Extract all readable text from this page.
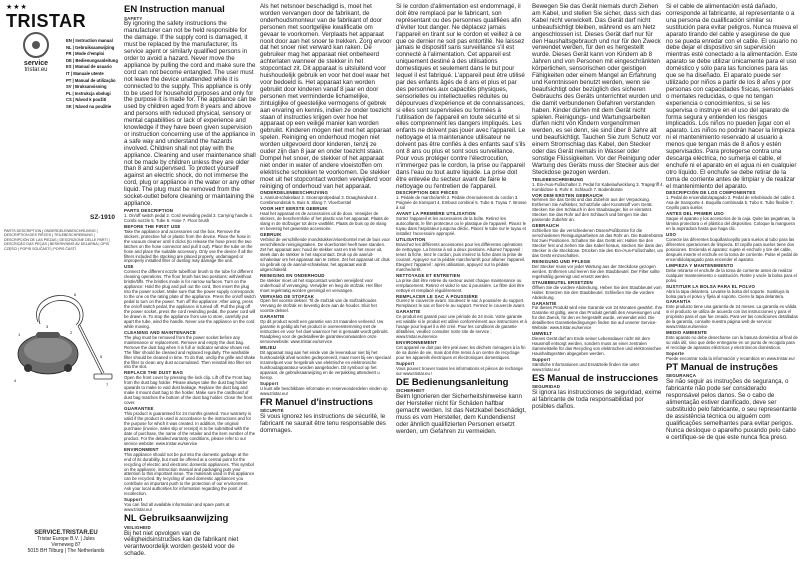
★★★
TRISTAR
service
tristar.eu
EN | Instruction manual
NL | Gebruiksaanwijzing
FR | Mode d'emploi
DE | Bedienungsanleitung
ES | Manual de usuario
IT | Manuale utente
PT | Manual de utilização
SV | Bruksanvisning
PL | Instrukcja obsługi
CS | Návod k použití
SK | Návod na použitie
SZ-1910
PARTS DESCRIPTION | ONDERDELENBESCHRIJVING | DESCRIPTION DES PIÈCES | TEILEBESCHREIBUNG | DESCRIPCIÓN DE LAS PIEZAS | DESCRIZIONE DELLE PARTI | DESCRIÇÃO DAS PEÇAS | BESKRIVNING AV DELARNA | OPIS CZĘŚCI | POPIS SOUČÁSTÍ | POPIS ČASTÍ
1	2
3
4
5
6
7
SERVICE.TRISTAR.EU
Tristar Europe B.V. | Jules Verneweg 87
5015 BH Tilburg | The Netherlands
EN Instruction manual
SAFETY

By ignoring the safety instructions the manufacturer can not be held responsible for the damage. If the supply cord is damaged, it must be replaced by the manufacturer, its service agent or similarly qualified persons in order to avoid a hazard. Never move the appliance by pulling the cord and make sure the cord can not become entangled. The user must not leave the device unattended while it is connected to the supply. This appliance is only to be used for household purposes and only for the purpose it is made for. The appliance can be used by children aged from 8 years and above and persons with reduced physical, sensory or mental capabilities or lack of experience and knowledge if they have been given supervision or instruction concerning use of the appliance in a safe way and understand the hazards involved. Children shall not play with the appliance. Cleaning and user maintenance shall not be made by children unless they are older than 8 and supervised. To protect yourself against an electric shock, do not immerse the cord, plug or appliance in the water or any other liquid. The plug must be removed from the socket-outlet before cleaning or maintaining the appliance.

PARTS DESCRIPTION

1. On/off switch pedal 2. Cord rewinding pedal 3. Carrying handle 4. Combi nozzle 5. Tube 6. Hose 7. Floor brush

BEFORE THE FIRST USE

Take the appliance and accessories out the box. Remove the stickers, protective foil or plastic from the device. Place the hose in the vacuum cleaner until it clicks (to release the hose press the two latches on the hose connector and pull it out). Place the tube on the hose and place the suitable accessory. Only use the device if all the filters included the stacking are placed properly, undamaged or improperly installed filter or dusting may damage the unit.

USE

Connect the different nozzle tube/floor brush to the tube for different cleaning operations. The floor brush has two positions: with/without bristle/tiffs. The bristles mode is for narrow surfaces. Turn on the appliance: Hold the plug and pull out the cord, then insert the plug into the power socket. Make sure that the power supply corresponds to the one on the rating plate of the appliance. Press the on/off switch pedal to turn on the power. Turn off the appliance: After using, press the on/off switch pedal, the appliance is turned off. Pull the plug off the power socket, press the cord rewinding pedal, the power cord will be drawn in. To stop the appliance from use to store, carefully put apart the tube, wind the handle. Never use the appliance on the cord while moving.

CLEANING AND MAINTENANCE

The plug must be removed from the power socket before any maintenance or replacement. Remove and empty the dust bag. Remove the dust bag when it is full or indicator window shows red. The filter should be cleaned and replaced regularly. The washable filter should be cleaned in time. To do that, unclip the grille and shake the filter to clean any dust accumulated. Then reinstall into filter set into the slot.

REPLACE THE DUST BAG

Open the front cover by pressing the lock clip. Lift off the Front bag from the dust bag holder. Please always take the dust bag holder upwards to make to void dust leakage. Replace the dust bag and make it mount dust bag to the holder. Make sure the cardboard of dust bag matches the bottom of the dust bag holder. Close the front cover.

GUARANTEE

This product is guaranteed for 24 months granted. Your warranty is valid if the product is used in accordance to the instructions and for the purpose for which it was created. In addition, the original purchase (invoice, sales slip or receipt) is to be submitted with the date of purchase, the name of the retailer and the item number of the product. For the detailed warranty conditions, please refer to our service website: www.tristar.eu/service

ENVIRONMENT

This appliance should not be put into the domestic garbage at the end of its durability, but must be offered at a central point for the recycling of electric and electronic domestic appliances. This symbol on the appliance, instruction manual and packaging puts your attention to this important issue. The materials used in this appliance can be recycled. By recycling of used domestic appliances you contribute an important push to the protection of our environment. Ask your local authorities for information regarding the point of recollection.

Support

You can find all available information and spare parts at www.tristar.eu!

NL Gebruiksaanwijzing
VEILIGHEID

Bij het niet opvolgen van de veiligheidsinstructies kan de fabrikant niet verantwoordelijk worden gesteld voor de schade.

Als het netsnoer beschadigd is, moet het worden vervangen door de fabrikant, de onderhoudsmonteur van de fabrikant of door personen met soortgelijke kwalificatie om gevaar te voorkomen. Verplaats het apparaat nooit door aan het snoer te trekken. Zorg ervoor dat het snoer niet verward kan raken. De gebruiker mag het apparaat niet onbeheerd achterlaten wanneer de stekker in het stopcontact zit. Dit apparaat is uitsluitend voor huishoudelijk gebruik en voor het doel waar het voor bedoeld is. Het apparaat kan worden gebruikt door kinderen vanaf 8 jaar en door personen met verminderde lichamelijke, zintuiglijke of geestelijke vermogens of gebrek aan ervaring en kennis, indien ze onder toezicht staan of instructies krijgen over hoe het apparaat op een veilige manier kan worden gebruikt. Kinderen mogen niet met het apparaat spelen. Reiniging en onderhoud mogen niet worden uitgevoerd door kinderen, tenzij ze ouder zijn dan 8 jaar en onder toezicht staan. Dompel het snoer, de stekker of het apparaat niet onder in water of andere vloeistoffen om elektrische schokken te voorkomen. De stekker moet uit het stopcontact worden verwijderd voor reiniging of onderhoud van het apparaat.

ONDERDELENBESCHRIJVING

1. Aan/uit-schakelaar 2. Snoeroprolpedaal 3. Draaghandvat 4. Combimondstuk 5. Buis 6. Slang 7. Vloerborstel

VOOR HET EERSTE GEBRUIK

Haal het apparaat en de accessoires uit de doos. Verwijder de stickers, de beschermfolie of het plastic van het apparaat. Plaats de slang in de stofzuiger tot deze vastklikt. Plaats de buis op de slang en bevestig het gewenste accessoire.

GEBRUIK

Verbind de verschillende mondstukken/vloerborstel met de buis voor verschillende reinigingstaken. De vloerborstel heeft twee standen. Zet het apparaat aan: houd de stekker vast en trek het snoer uit, steek dan de stekker in het stopcontact. Druk op de aan/uit-schakelaar om het apparaat aan te zetten. Zet het apparaat uit: druk na gebruik op de aan/uit-schakelaar, het apparaat wordt uitgeschakeld.

REINIGING EN ONDERHOUD

De stekker moet uit het stopcontact worden verwijderd voor onderhoud of vervanging. Verwijder en leeg de stofzak. Het filter moet regelmatig worden gereinigd en vervangen.

VERVANG DE STOFZAK

Open het voorste deksel. Til de stofzak van de stofzakhouder. Vervang de stofzak en bevestig deze aan de houder. Sluit het voorste deksel.

GARANTIE

Op dit product wordt een garantie van 24 maanden verleend. Uw garantie is geldig als het product in overeenstemming met de instructies en voor het doel waarvoor het is gemaakt wordt gebruikt. Raadpleeg voor de gedetailleerde garantievoorwaarden onze servicewebsite: www.tristar.eu/service

MILIEU

Dit apparaat mag aan het einde van de levensduur niet bij het huishoudelijk afval worden gedeponeerd, maar moet bij een speciaal inzamelpunt voor hergebruik van elektrische en elektronische huishoudapparatuur worden aangeboden. Dit symbool op het apparaat, de gebruiksaanwijzing en de verpakking attendeert u hierop.

Support

U kunt alle beschikbare informatie en reserveonderdelen vinden op www.tristar.eu!

FR Manuel d'instructions
SÉCURITÉ

Si vous ignorez les instructions de sécurité, le fabricant ne saurait être tenu responsable des dommages.

Si le cordon d'alimentation est endommagé, il doit être remplacé par le fabricant, son représentant ou des personnes qualifiées afin d'éviter tout danger. Ne déplacez jamais l'appareil en tirant sur le cordon et veillez à ce que ce dernier ne soit pas entortillé. Ne laissez jamais le dispositif sans surveillance s'il est connecté à l'alimentation. Cet appareil est uniquement destiné à des utilisations domestiques et seulement dans le but pour lequel il est fabriqué. L'appareil peut être utilisé par des enfants âgés de 8 ans et plus et par des personnes aux capacités physiques, sensorielles ou intellectuelles réduites ou dépourvues d'expérience et de connaissances, si elles sont supervisées ou formées à l'utilisation de l'appareil en toute sécurité et si elles comprennent les dangers impliqués. Les enfants ne doivent pas jouer avec l'appareil. Le nettoyage et la maintenance utilisateur ne doivent pas être confiés à des enfants sauf s'ils ont 8 ans ou plus et sont sous surveillance. Pour vous protéger contre l'électrocution, n'immergez pas le cordon, la prise ou l'appareil dans l'eau ou tout autre liquide. La prise doit être enlevée du secteur avant de faire le nettoyage ou l'entretien de l'appareil.

DESCRIPTION DES PIÈCES

1. Pédale de marche/arrêt 2. Pédale d'enroulement du cordon 3. Poignée de transport 4. Embout combiné 5. Tube 6. Tuyau 7. Brosse à sol

AVANT LA PREMIÈRE UTILISATION

Sortez l'appareil et les accessoires de la boîte. Retirez les autocollants, le film protecteur ou le plastique de l'appareil. Placez le tuyau dans l'aspirateur jusqu'au déclic. Placez le tube sur le tuyau et installez l'accessoire approprié.

UTILISATION

Branchez les différents accessoires pour les différentes opérations de nettoyage. La brosse à sol a deux positions. Allumez l'appareil : tenez la fiche, tirez le cordon, puis insérez la fiche dans la prise de courant. Appuyez sur la pédale marche/arrêt pour allumer l'appareil. Éteignez l'appareil : après utilisation, appuyez sur la pédale marche/arrêt.

NETTOYAGE ET ENTRETIEN

La prise doit être retirée du secteur avant chaque maintenance ou remplacement. Retirez et videz le sac à poussière. Le filtre doit être nettoyé et remplacé régulièrement.

REMPLACER LE SAC À POUSSIÈRE

Ouvrez le couvercle avant. Soulevez le sac à poussière du support. Remplacez le sac et fixez-le au support. Fermez le couvercle avant.

GARANTIE

Ce produit est garanti pour une période de 24 mois. Votre garantie est valable si le produit est utilisé conformément aux instructions et à l'usage pour lequel il a été créé. Pour les conditions de garantie détaillées, veuillez consulter notre site de service : www.tristar.eu/service

ENVIRONNEMENT

Cet appareil ne doit pas être jeté avec les déchets ménagers à la fin de sa durée de vie, mais doit être remis à un centre de recyclage pour les appareils électriques et électroniques domestiques.

Support

Vous pouvez trouver toutes les informations et pièces de rechange sur www.tristar.eu !

DE Bedienungsanleitung
SICHERHEIT

Beim Ignorieren der Sicherheitshinweise kann der Hersteller nicht für Schäden haftbar gemacht werden. Ist das Netzkabel beschädigt, muss es vom Hersteller, dem Kundendienst oder ähnlich qualifizierten Personen ersetzt werden, um Gefahren zu vermeiden.

Bewegen Sie das Gerät niemals durch Ziehen am Kabel, und stellen Sie sicher, dass sich das Kabel nicht verwickelt. Das Gerät darf nicht unbeaufsichtigt bleiben, während es am Netz angeschlossen ist. Dieses Gerät darf nur für den Haushaltsgebrauch und nur für den Zweck verwendet werden, für den es hergestellt wurde. Dieses Gerät kann von Kindern ab 8 Jahren und von Personen mit eingeschränkten körperlichen, sensorischen oder geistigen Fähigkeiten oder einem Mangel an Erfahrung und Kenntnissen benutzt werden, wenn sie beaufsichtigt oder bezüglich des sicheren Gebrauchs des Geräts unterrichtet wurden und die damit verbundenen Gefahren verstanden haben. Kinder dürfen mit dem Gerät nicht spielen. Reinigungs- und Wartungsarbeiten dürfen nicht von Kindern vorgenommen werden, es sei denn, sie sind über 8 Jahre alt und beaufsichtigt. Tauchen Sie zum Schutz vor einem Stromschlag das Kabel, den Stecker oder das Gerät niemals in Wasser oder sonstige Flüssigkeiten. Vor der Reinigung oder Wartung des Geräts muss der Stecker aus der Steckdose gezogen werden.

TEILEBESCHREIBUNG

1. Ein-/Aus-Fußschalter 2. Pedal für Kabelaufwicklung 3. Tragegriff 4. Kombidüse 5. Rohr 6. Schlauch 7. Bodenbürste

VOR DEM ERSTEN GEBRAUCH

Nehmen Sie das Gerät und das Zubehör aus der Verpackung. Entfernen Sie Aufkleber, Schutzfolie oder Kunststoff vom Gerät. Stecken Sie den Schlauch in den Staubsauger, bis er einrastet. Stecken Sie das Rohr auf den Schlauch und bringen Sie das passende Zubehör an.

GEBRAUCH

Schließen Sie die verschiedenen Düsen/Fußbürste für die verschiedenen Reinigungsarbeiten an das Rohr an. Die Bodenbürste hat zwei Positionen. Schalten Sie das Gerät ein: Halten Sie den Stecker fest und ziehen Sie das Kabel heraus, stecken Sie dann den Stecker in die Steckdose. Drücken Sie den Ein-/Aus-Fußschalter, um das Gerät einzuschalten.

REINIGUNG UND PFLEGE

Der Stecker muss vor jeder Wartung aus der Steckdose gezogen werden. Entfernen und leeren Sie den Staubbeutel. Der Filter sollte regelmäßig gereinigt und ersetzt werden.

STAUBBEUTEL ERSETZEN

Öffnen Sie die vordere Abdeckung. Heben Sie den Staubbeutel vom Halter. Ersetzen Sie den Staubbeutel. Schließen Sie die vordere Abdeckung.

GARANTIE

Für dieses Produkt wird eine Garantie von 24 Monaten gewährt. Ihre Garantie ist gültig, wenn das Produkt gemäß den Anweisungen und für den Zweck, für den es hergestellt wurde, verwendet wird. Die detaillierten Garantiebedingungen finden Sie auf unserer Service-Website: www.tristar.eu/service

UMWELT

Dieses Gerät darf am Ende seiner Lebensdauer nicht mit dem Hausmüll entsorgt werden, sondern muss an einer zentralen Sammelstelle für das Recycling von elektrischen und elektronischen Haushaltsgeräten abgegeben werden.

Support

Sämtliche Informationen und Ersatzteile finden Sie unter www.tristar.eu!

ES Manual de instrucciones
SEGURIDAD

Si ignora las instrucciones de seguridad, exime al fabricante de toda responsabilidad por posibles daños.

Si el cable de alimentación está dañado, corresponde al fabricante, al representante o a una persona de cualificación similar su sustitución para evitar peligros. Nunca mueva el aparato tirando del cable y asegúrese de que no se pueda enredar con el cable. El usuario no debe dejar el dispositivo sin supervisión mientras esté conectado a la alimentación. Este aparato se debe utilizar únicamente para el uso doméstico y sólo para las funciones para las que se ha diseñado. El aparato puede ser utilizado por niños a partir de los 8 años y por personas con capacidades físicas, sensoriales o mentales reducidas, o que no tengan experiencia o conocimientos, si se les supervisa o instruye en el uso del aparato de forma segura y entienden los riesgos implicados. Los niños no pueden jugar con el aparato. Los niños no podrán hacer la limpieza ni el mantenimiento reservado al usuario a menos que tengan más de 8 años y estén supervisados. Para protegerse contra una descarga eléctrica, no sumerja el cable, el enchufe ni el aparato en el agua ni en cualquier otro líquido. El enchufe se debe retirar de la toma de corriente antes de limpiar y de realizar el mantenimiento del aparato.

DESCRIPCIÓN DE LOS COMPONENTES

1. Pedal de encendido/apagado 2. Pedal de rebobinado del cable 3. Asa de transporte 4. Boquilla combinada 5. Tubo 6. Tubo flexible 7. Cepillo para suelos

ANTES DEL PRIMER USO

Saque el aparato y los accesorios de la caja. Quite las pegatinas, la lámina protectora o el plástico del dispositivo. Coloque la manguera en la aspiradora hasta que haga clic.

USO

Conecte las diferentes boquillas/cepillo para suelos al tubo para las diferentes operaciones de limpieza. El cepillo para suelos tiene dos posiciones. Encienda el aparato: sujete el enchufe y tire del cable, después inserte el enchufe en la toma de corriente. Pulse el pedal de encendido/apagado para encender el aparato.

LIMPIEZA Y MANTENIMIENTO

Debe retirarse el enchufe de la toma de corriente antes de realizar cualquier mantenimiento o sustitución. Retire y vacíe la bolsa para el polvo.

SUSTITUIR LA BOLSA PARA EL POLVO

Abra la tapa delantera. Levante la bolsa del soporte. Sustituya la bolsa para el polvo y fíjela al soporte. Cierre la tapa delantera.

GARANTÍA

Este producto tiene una garantía de 24 meses. La garantía es válida si el producto se utiliza de acuerdo con las instrucciones y para el propósito para el que fue creado. Para ver las condiciones detalladas de la garantía, consulte nuestra página web de servicio: www.tristar.eu/service

MEDIO AMBIENTE

Este aparato no debe desecharse con la basura doméstica al final de su vida útil, sino que debe entregarse en un punto de recogida para el reciclaje de aparatos eléctricos y electrónicos domésticos.

Soporte

Puede encontrar toda la información y recambios en www.tristar.eu!

PT Manual de instruções
SEGURANÇA

Se não seguir as instruções de segurança, o fabricante não pode ser considerado responsável pelos danos. Se o cabo de alimentação estiver danificado, deve ser substituído pelo fabricante, o seu representante de assistência técnica ou alguém com qualificações semelhantes para evitar perigos. Nunca desloque o aparelho puxando pelo cabo e certifique-se de que este nunca fica preso.
